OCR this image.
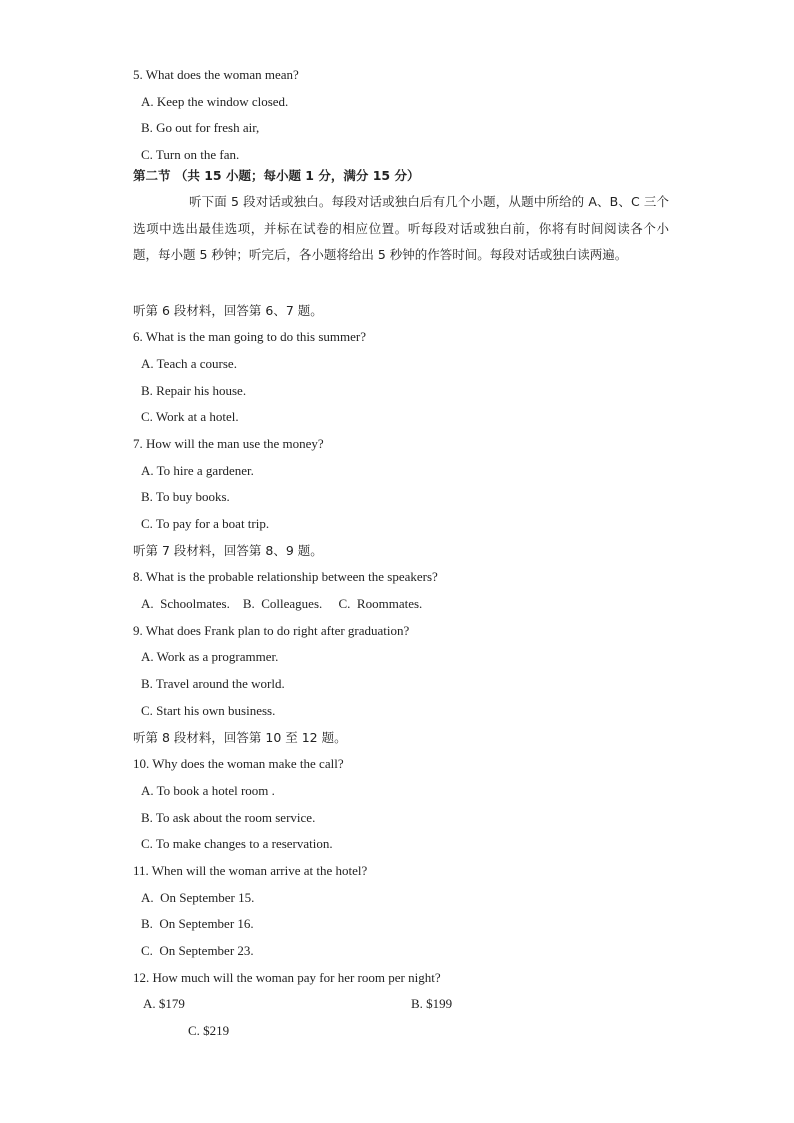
5. What does the woman mean?
A. Keep the window closed.
B. Go out for fresh air,
C. Turn on the fan.
第二节 （共 15 小题；每小题 1 分，满分 15 分）
听下面 5 段对话或独白。每段对话或独白后有几个小题，从题中所给的 A、B、C 三个选项中选出最佳选项，并标在试卷的相应位置。听每段对话或独白前，你将有时间阅读各个小题，每小题 5 秒钟；听完后，各小题将给出 5 秒钟的作答时间。每段对话或独白读两遍。
听第 6 段材料，回答第 6、7 题。
6. What is the man going to do this summer?
A. Teach a course.
B. Repair his house.
C. Work at a hotel.
7. How will the man use the money?
A. To hire a gardener.
B. To buy books.
C. To pay for a boat trip.
听第 7 段材料，回答第 8、9 题。
8. What is the probable relationship between the speakers?
A.  Schoolmates.    B.  Colleagues.     C.  Roommates.
9. What does Frank plan to do right after graduation?
A. Work as a programmer.
B. Travel around the world.
C. Start his own business.
听第 8 段材料，回答第 10 至 12 题。
10. Why does the woman make the call?
A. To book a hotel room .
B. To ask about the room service.
C. To make changes to a reservation.
11. When will the woman arrive at the hotel?
A.  On September 15.
B.  On September 16.
C.  On September 23.
12. How much will the woman pay for her room per night?
A. $179	B. $199
C. $219
